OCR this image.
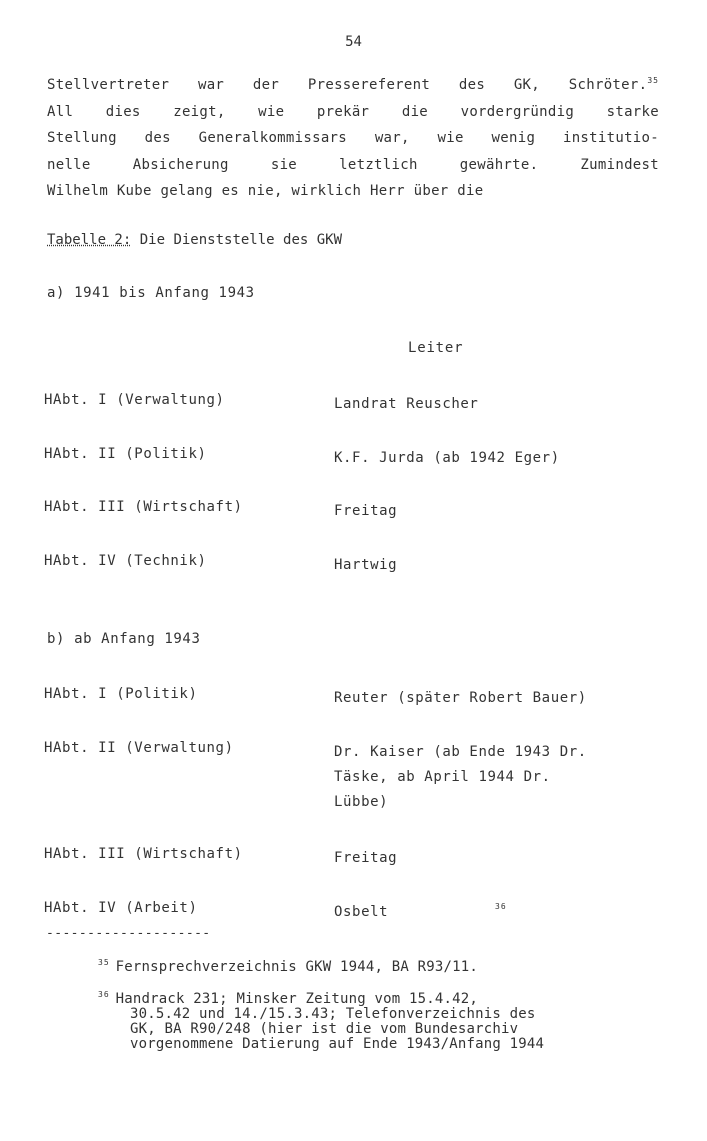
54
Stellvertreter war der Pressereferent des GK, Schröter.$^{35}$
All dies zeigt, wie prekär die vordergründig starke
Stellung des Generalkommissars war, wie wenig institutio-
nelle Absicherung sie letztlich gewährte. Zumindest
Wilhelm Kube gelang es nie, wirklich Herr über die
Tabelle 2: Die Dienststelle des GKW
a) 1941 bis Anfang 1943
Leiter
HAbt. I (Verwaltung)	Landrat Reuscher
HAbt. II (Politik)	K.F. Jurda (ab 1942 Eger)
HAbt. III (Wirtschaft)	Freitag
HAbt. IV (Technik)	Hartwig
b) ab Anfang 1943
HAbt. I (Politik)	Reuter (später Robert Bauer)
HAbt. II (Verwaltung)	Dr. Kaiser (ab Ende 1943 Dr.
Täske, ab April 1944 Dr.
Lübbe)
HAbt. III (Wirtschaft)	Freitag
HAbt. IV (Arbeit)	Osbelt	36
--------------------
$^{35}$ Fernsprechverzeichnis GKW 1944, BA R93/11.
$^{36}$ Handrack 231; Minsker Zeitung vom 15.4.42,
30.5.42 und 14./15.3.43; Telefonverzeichnis des
GK, BA R90/248 (hier ist die vom Bundesarchiv
vorgenommene Datierung auf Ende 1943/Anfang 1944
